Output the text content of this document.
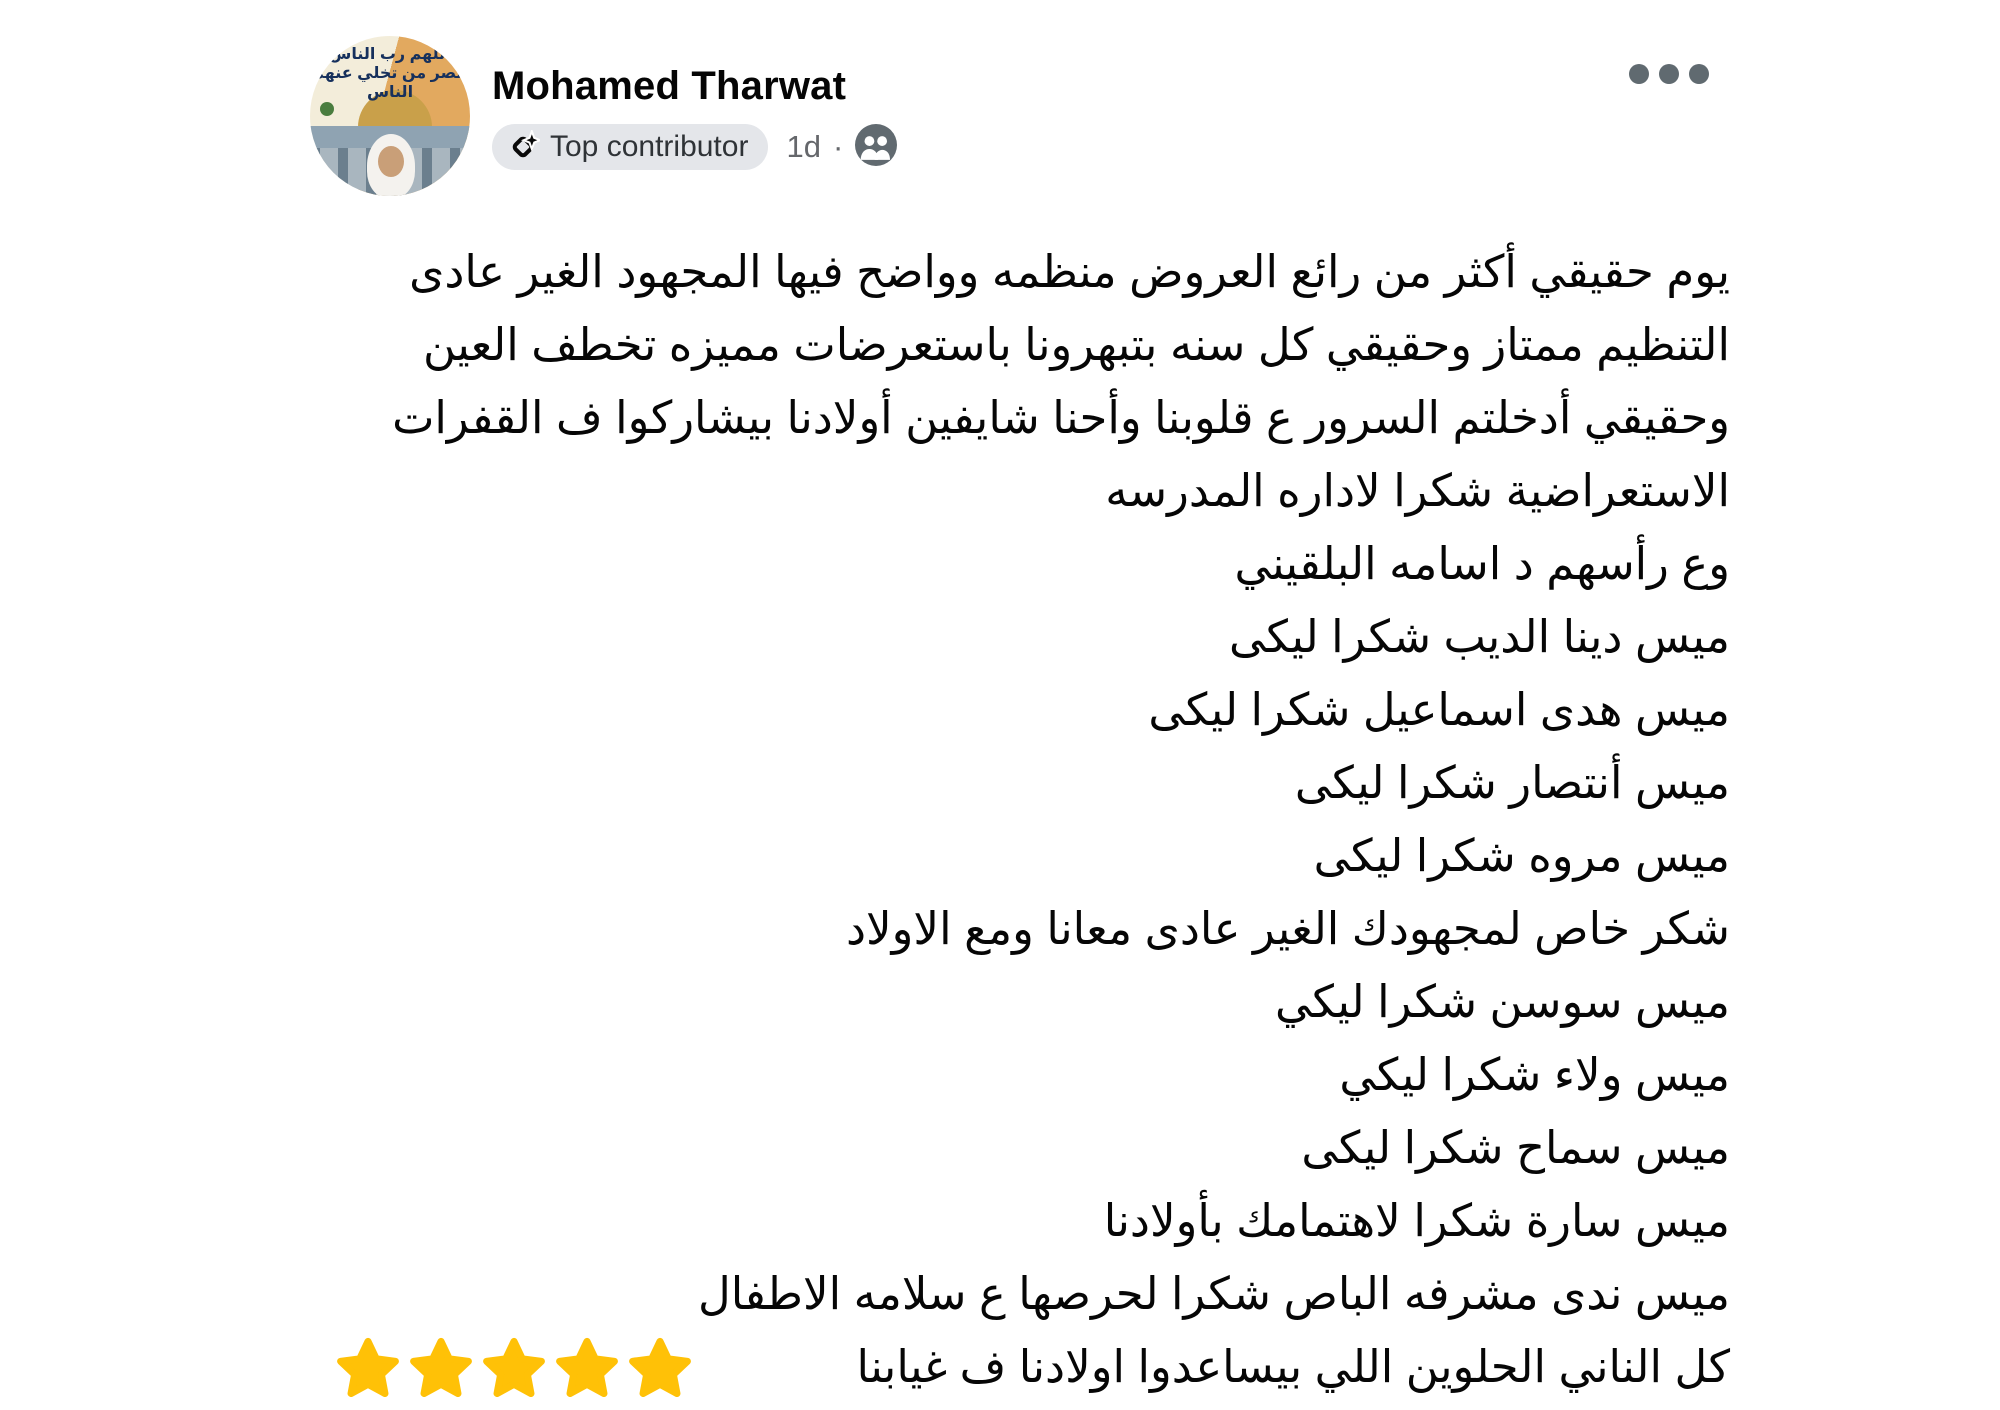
اللهم رب الناس
انصر من تخلي عنهم
الناس	Mohamed Tharwat
Top contributor 1d ·
يوم حقيقي أكثر من رائع العروض منظمه وواضح فيها المجهود الغير عادى
التنظيم ممتاز وحقيقي كل سنه بتبهرونا باستعرضات مميزه تخطف العين
وحقيقي أدخلتم السرور ع قلوبنا وأحنا شايفين أولادنا بيشاركوا ف القفرات
الاستعراضية شكرا لاداره المدرسه
وع رأسهم د اسامه البلقيني
ميس دينا الديب شكرا ليكى
ميس هدى اسماعيل شكرا ليكى
ميس أنتصار شكرا ليكى
ميس مروه شكرا ليكى
شكر خاص لمجهودك الغير عادى معانا ومع الاولاد
ميس سوسن شكرا ليكي
ميس ولاء شكرا ليكي
ميس سماح شكرا ليكى
ميس سارة شكرا لاهتمامك بأولادنا
ميس ندى مشرفه الباص شكرا لحرصها ع سلامه الاطفال
كل الناني الحلوين اللي بيساعدوا اولادنا ف غيابنا
